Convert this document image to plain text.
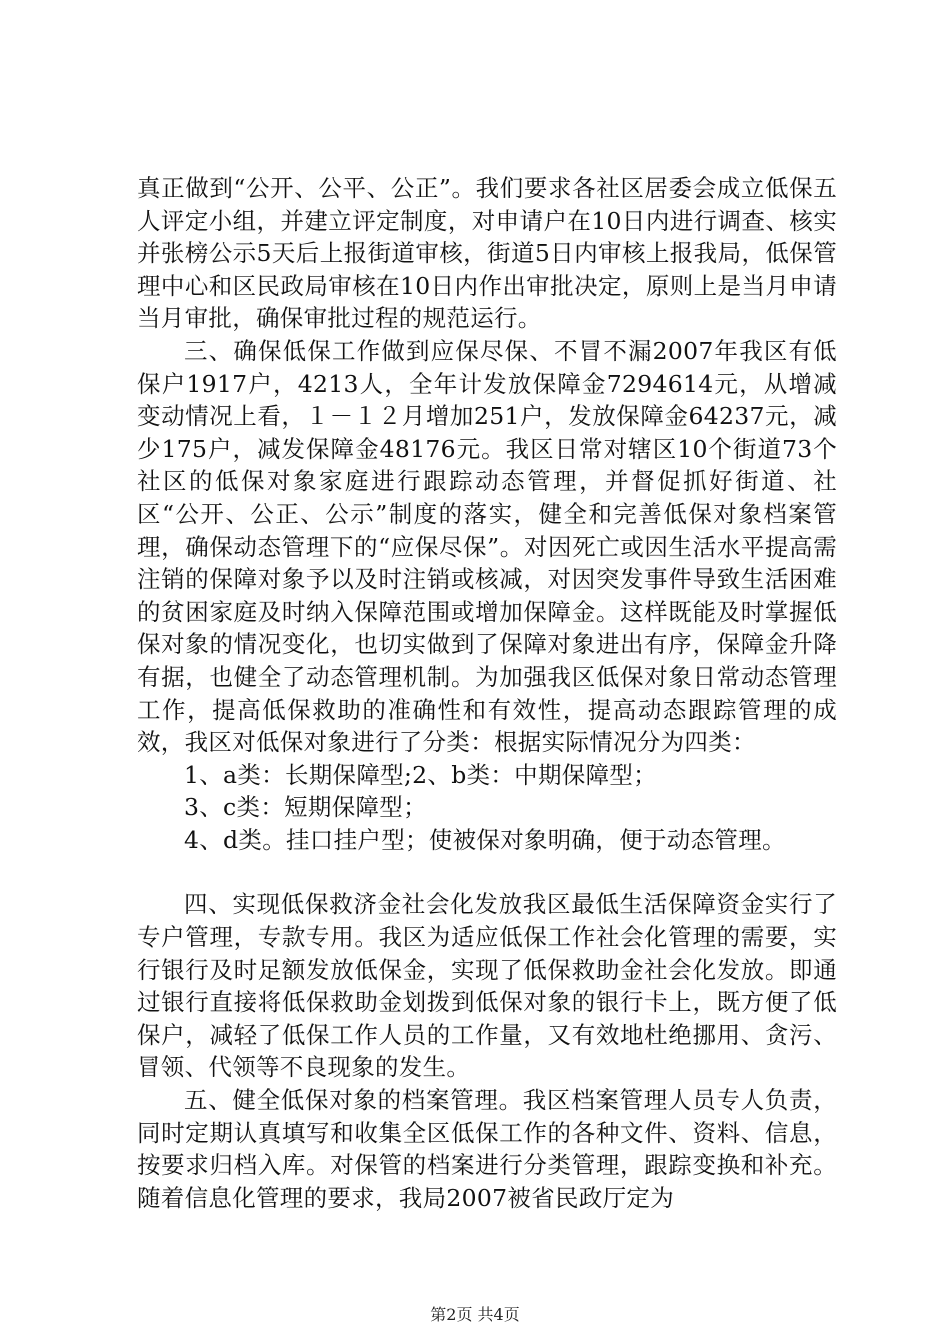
真正做到“公开、公平、公正”。我们要求各社区居委会成立低保五人评定小组，并建立评定制度，对申请户在10日内进行调查、核实并张榜公示5天后上报街道审核，街道5日内审核上报我局，低保管理中心和区民政局审核在10日内作出审批决定，原则上是当月申请当月审批，确保审批过程的规范运行。

三、确保低保工作做到应保尽保、不冒不漏2007年我区有低保户1917户，4213人，全年计发放保障金7294614元，从增减变动情况上看，１－１２月增加251户，发放保障金64237元，减少175户，减发保障金48176元。我区日常对辖区10个街道73个社区的低保对象家庭进行跟踪动态管理，并督促抓好街道、社区“公开、公正、公示”制度的落实，健全和完善低保对象档案管理，确保动态管理下的“应保尽保”。对因死亡或因生活水平提高需注销的保障对象予以及时注销或核减，对因突发事件导致生活困难的贫困家庭及时纳入保障范围或增加保障金。这样既能及时掌握低保对象的情况变化，也切实做到了保障对象进出有序，保障金升降有据，也健全了动态管理机制。为加强我区低保对象日常动态管理工作，提高低保救助的准确性和有效性，提高动态跟踪管理的成效，我区对低保对象进行了分类：根据实际情况分为四类：

1、a类：长期保障型;2、b类：中期保障型；

3、c类：短期保障型；

4、d类。挂口挂户型；使被保对象明确，便于动态管理。

四、实现低保救济金社会化发放我区最低生活保障资金实行了专户管理，专款专用。我区为适应低保工作社会化管理的需要，实行银行及时足额发放低保金，实现了低保救助金社会化发放。即通过银行直接将低保救助金划拨到低保对象的银行卡上，既方便了低保户，减轻了低保工作人员的工作量，又有效地杜绝挪用、贪污、冒领、代领等不良现象的发生。

五、健全低保对象的档案管理。我区档案管理人员专人负责，同时定期认真填写和收集全区低保工作的各种文件、资料、信息，按要求归档入库。对保管的档案进行分类管理，跟踪变换和补充。随着信息化管理的要求，我局2007被省民政厅定为

第2页 共4页
